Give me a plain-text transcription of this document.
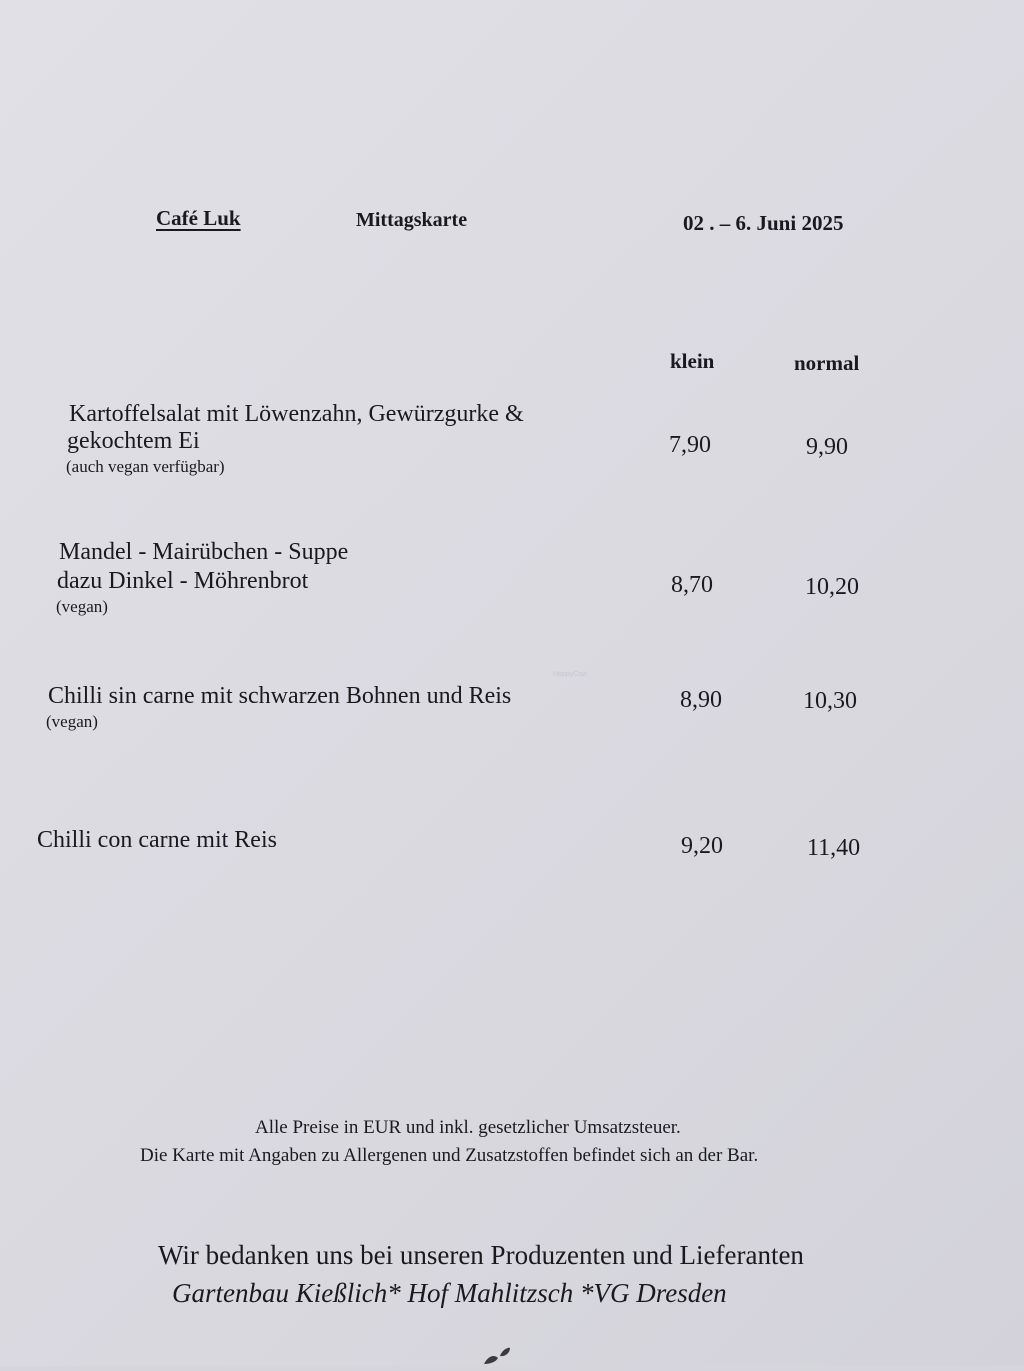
Café Luk	Mittagskarte	02 . – 6. Juni 2025
klein	normal
Kartoffelsalat mit Löwenzahn, Gewürzgurke &
gekochtem Ei
(auch vegan verfügbar)
7,90	9,90
Mandel - Mairübchen - Suppe
dazu Dinkel - Möhrenbrot
(vegan)
8,70	10,20
Chilli sin carne mit schwarzen Bohnen und Reis
(vegan)
8,90	10,30
Chilli con carne mit Reis	9,20	11,40
HappyCow
Alle Preise in EUR und inkl. gesetzlicher Umsatzsteuer.
Die Karte mit Angaben zu Allergenen und Zusatzstoffen befindet sich an der Bar.
Wir bedanken uns bei unseren Produzenten und Lieferanten
Gartenbau Kießlich* Hof Mahlitzsch *VG Dresden
